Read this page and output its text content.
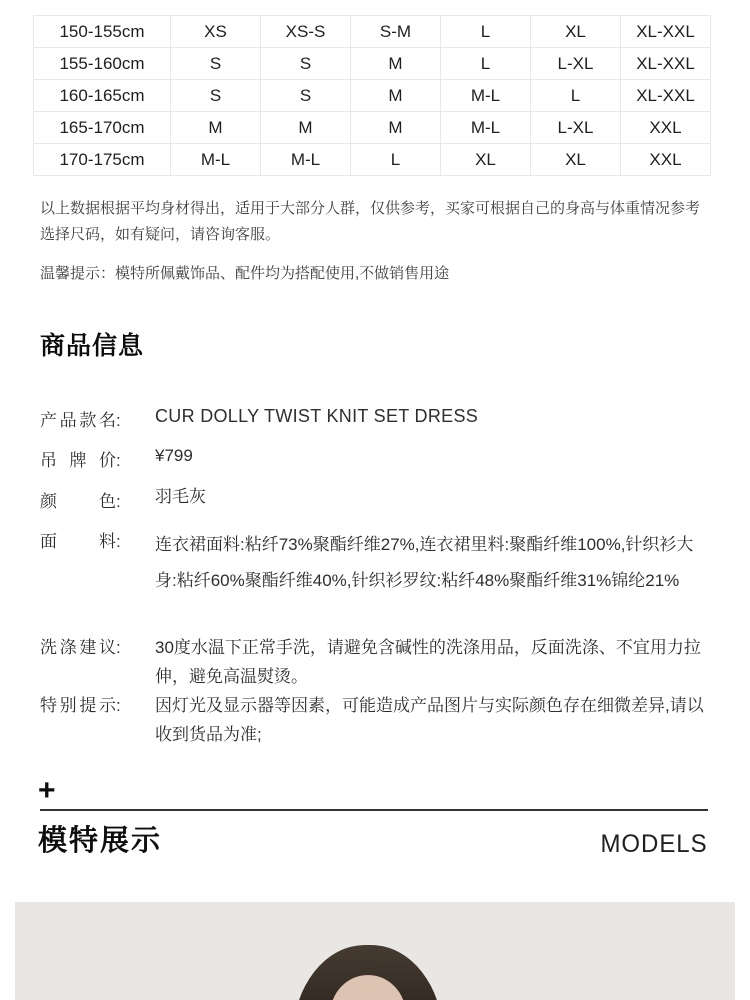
150-155cm	XS	XS-S	S-M	L	XL	XL-XXL
155-160cm	S	S	M	L	L-XL	XL-XXL
160-165cm	S	S	M	M-L	L	XL-XXL
165-170cm	M	M	M	M-L	L-XL	XXL
170-175cm	M-L	M-L	L	XL	XL	XXL
以上数据根据平均身材得出，适用于大部分人群，仅供参考，买家可根据自己的身高与体重情况参考选择尺码，如有疑问，请咨询客服。
温馨提示：模特所佩戴饰品、配件均为搭配使用,不做销售用途
商品信息
产品款名: CUR DOLLY TWIST KNIT SET DRESS
吊牌价: ¥799
颜色: 羽毛灰
面料: 连衣裙面料:粘纤73%聚酯纤维27%,连衣裙里料:聚酯纤维100%,针织衫大身:粘纤60%聚酯纤维40%,针织衫罗纹:粘纤48%聚酯纤维31%锦纶21%
洗涤建议: 30度水温下正常手洗，请避免含碱性的洗涤用品，反面洗涤、不宜用力拉伸，避免高温熨烫。
特别提示: 因灯光及显示器等因素，可能造成产品图片与实际颜色存在细微差异,请以收到货品为准;
+
模特展示	MODELS
